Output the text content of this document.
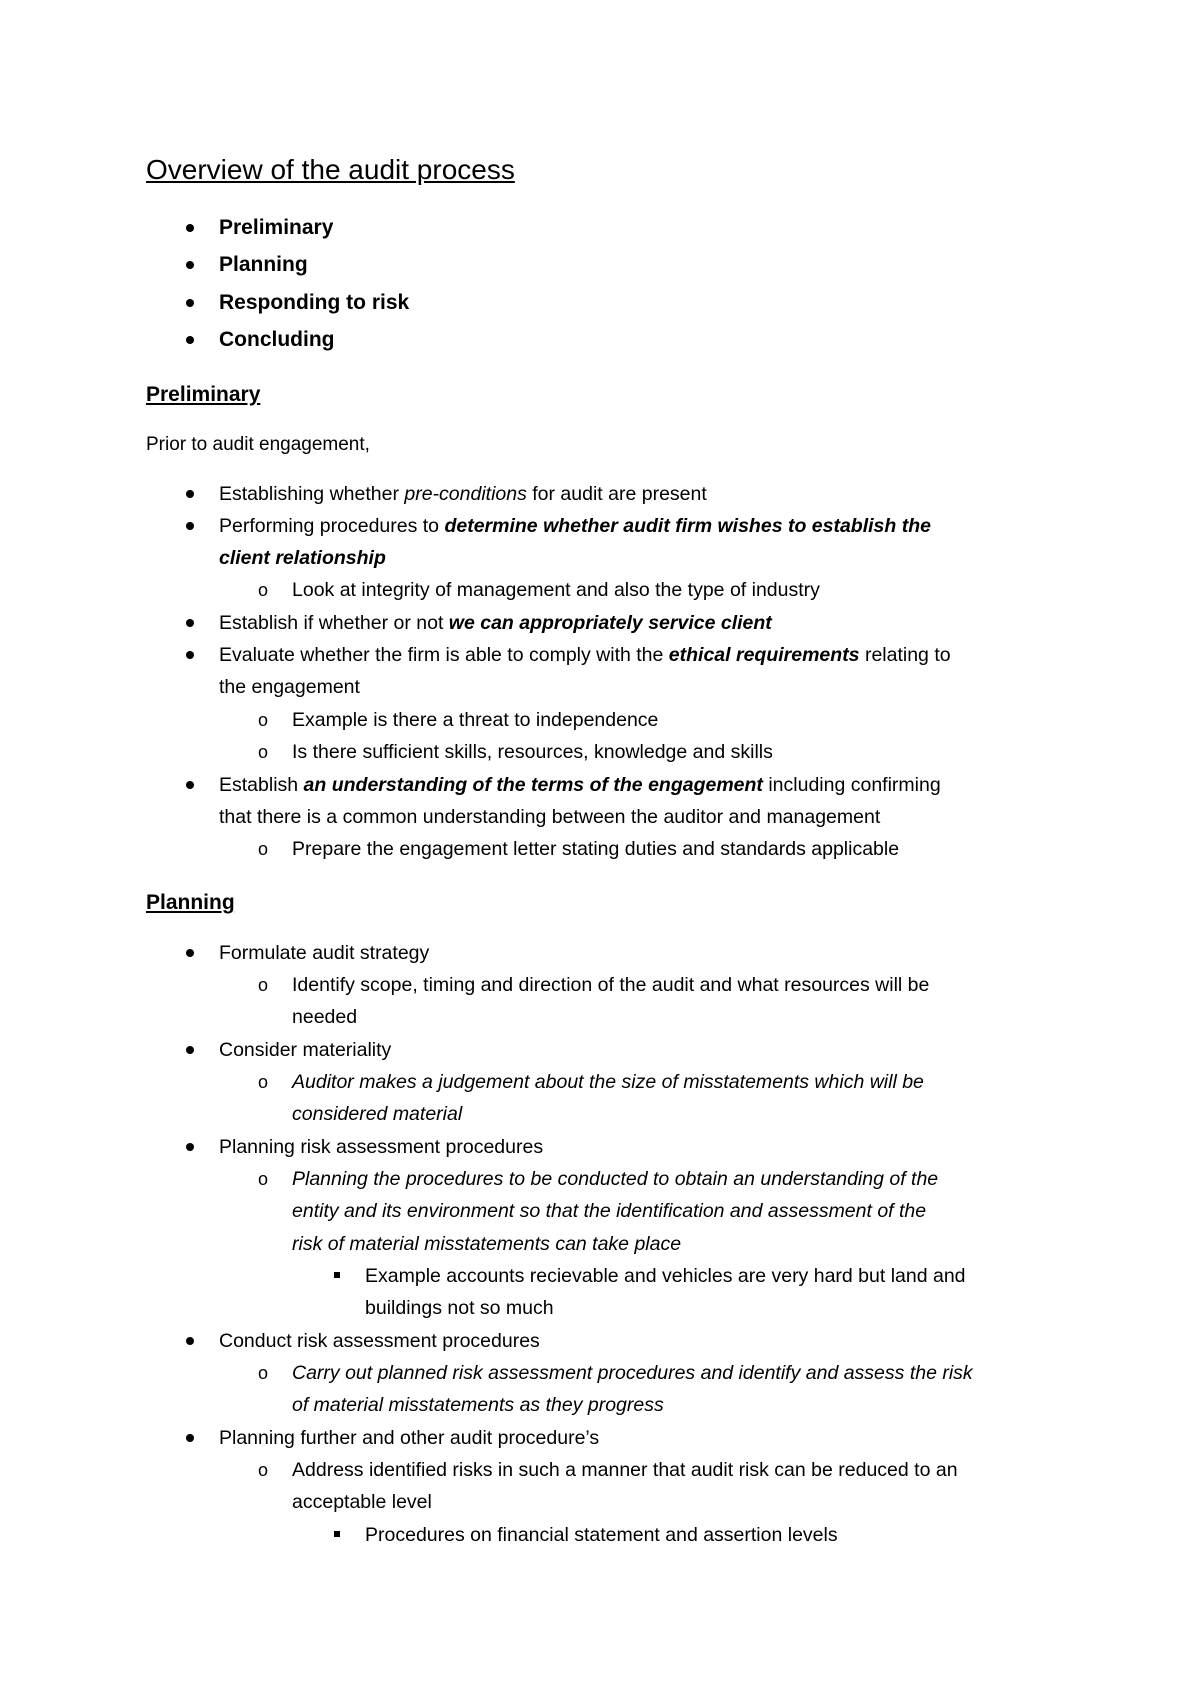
Overview of the audit process
Preliminary
Planning
Responding to risk
Concluding
Preliminary

Prior to audit engagement,

Establishing whether pre-conditions for audit are present
Performing procedures to determine whether audit firm wishes to establish the
client relationship
o Look at integrity of management and also the type of industry
Establish if whether or not we can appropriately service client
Evaluate whether the firm is able to comply with the ethical requirements relating to
the engagement
o Example is there a threat to independence
o Is there sufficient skills, resources, knowledge and skills
Establish an understanding of the terms of the engagement including confirming
that there is a common understanding between the auditor and management
o Prepare the engagement letter stating duties and standards applicable
Planning
Formulate audit strategy
o Identify scope, timing and direction of the audit and what resources will be
needed
Consider materiality
o Auditor makes a judgement about the size of misstatements which will be
considered material
Planning risk assessment procedures
o Planning the procedures to be conducted to obtain an understanding of the
entity and its environment so that the identification and assessment of the
risk of material misstatements can take place
Example accounts recievable and vehicles are very hard but land and
buildings not so much
Conduct risk assessment procedures
o Carry out planned risk assessment procedures and identify and assess the risk
of material misstatements as they progress
Planning further and other audit procedure’s
o Address identified risks in such a manner that audit risk can be reduced to an
acceptable level
Procedures on financial statement and assertion levels
